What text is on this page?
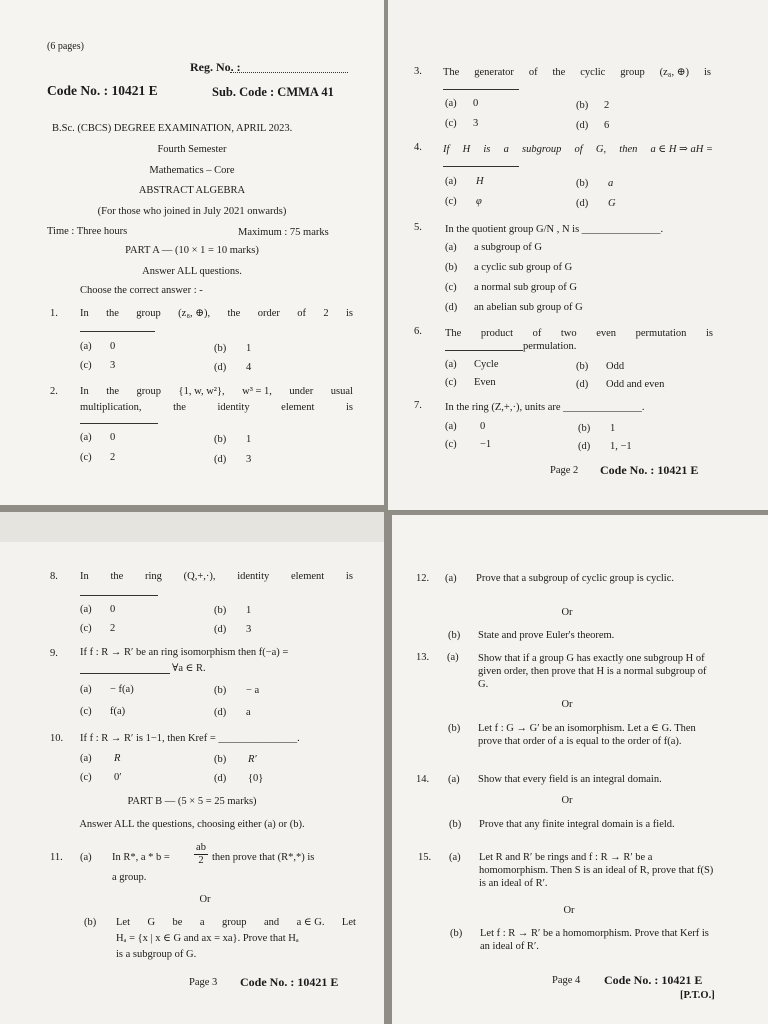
(6 pages)
Reg. No. :
Code No. : 10421 E	Sub. Code : CMMA 41
B.Sc. (CBCS) DEGREE EXAMINATION, APRIL 2023.
Fourth Semester
Mathematics – Core
ABSTRACT ALGEBRA
(For those who joined in July 2021 onwards)
Time : Three hours	Maximum : 75 marks
PART A — (10 × 1 = 10 marks)
Answer ALL questions.
Choose the correct answer : -
1. In the group (z₈, ⊕), the order of 2 is
(a) 0	(b) 1
(c) 3	(d) 4
2. In the group {1, w, w²}, w³ = 1, under usual
multiplication,	the	identity	element	is
(a) 0	(b) 1
(c) 2	(d) 3
3. The generator of the cyclic group (z₈, ⊕) is
(a) 0	(b) 2
(c) 3	(d) 6
4. If H is a subgroup of G, then a ∈ H ⇒ aH =
(a) H	(b) a
(c) φ	(d) G
5. In the quotient group G/N , N is _______________.
(a) a subgroup of G
(b) a cyclic sub group of G
(c) a normal sub group of G
(d) an abelian sub group of G
6. The product of two even permutation is
permulation.
(a) Cycle	(b) Odd
(c) Even	(d) Odd and even
7. In the ring (Z,+,·), units are _______________.
(a) 0	(b) 1
(c) −1	(d) 1, −1
Page 2 Code No. : 10421 E
8. In the ring (Q,+,·), identity element is
(a) 0	(b) 1
(c) 2	(d) 3
9. If f : R → R′ be an ring isomorphism then f(−a) =
∀a ∈ R.
(a) − f(a)	(b) − a
(c) f(a)	(d) a
10. If f : R → R′ is 1−1, then Kref = _______________.
(a) R	(b) R′
(c) 0′	(d) {0}
PART B — (5 × 5 = 25 marks)
Answer ALL the questions, choosing either (a) or (b).
11. (a) In R*, a * b =
ab
2 then prove that (R*,*) is
a group.
Or
(b) Let G be a group and a ∈ G. Let
Hₐ = {x | x ∈ G and ax = xa}. Prove that Hₐ
is a subgroup of G.
Page 3 Code No. : 10421 E
12. (a) Prove that a subgroup of cyclic group is cyclic.
Or
(b) State and prove Euler's theorem.
13. (a) Show that if a group G has exactly one subgroup H of given order, then prove that H is a normal subgroup of G.
Or
(b) Let f : G → G′ be an isomorphism. Let a ∈ G. Then prove that order of a is equal to the order of f(a).
14. (a) Show that every field is an integral domain.
Or
(b) Prove that any finite integral domain is a field.
15. (a) Let R and R′ be rings and f : R → R′ be a homomorphism. Then S is an ideal of R, prove that f(S) is an ideal of R′.
Or
(b) Let f : R → R′ be a homomorphism. Prove that Kerf is an ideal of R′.
Page 4 Code No. : 10421 E
[P.T.O.]
